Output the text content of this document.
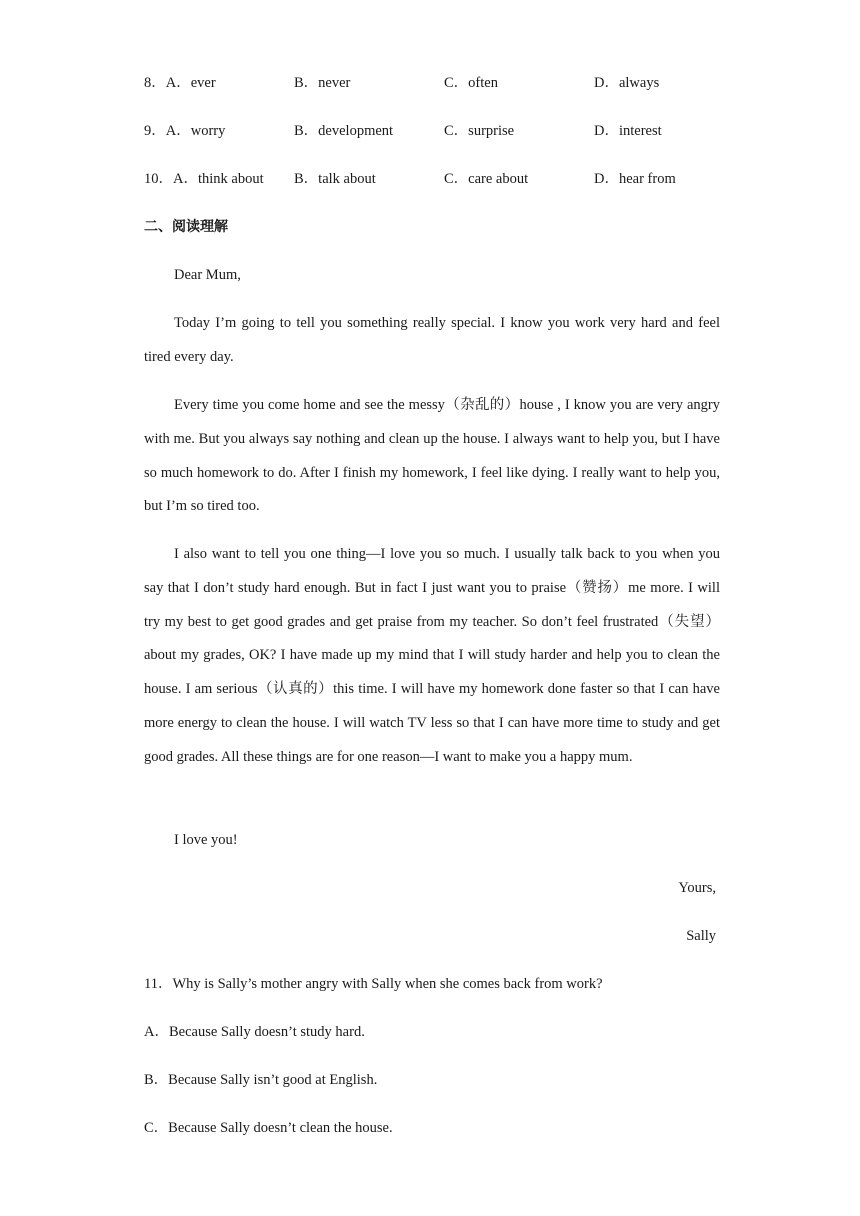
8．A．ever	B．never	C．often	D．always
9．A．worry	B．development	C．surprise	D．interest
10．A．think about B．talk about	C．care about	D．hear from
二、阅读理解
Dear Mum,
Today I’m going to tell you something really special. I know you work very hard and feel tired every day.
Every time you come home and see the messy（杂乱的）house , I know you are very angry with me. But you always say nothing and clean up the house. I always want to help you, but I have so much homework to do. After I finish my homework, I feel like dying. I really want to help you, but I’m so tired too.
I also want to tell you one thing—I love you so much. I usually talk back to you when you say that I don’t study hard enough. But in fact I just want you to praise（赞扬）me more. I will try my best to get good grades and get praise from my teacher. So don’t feel frustrated（失望）about my grades, OK? I have made up my mind that I will study harder and help you to clean the house. I am serious（认真的）this time. I will have my homework done faster so that I can have more energy to clean the house. I will watch TV less so that I can have more time to study and get good grades. All these things are for one reason—I want to make you a happy mum.
I love you!
Yours,
Sally
11．Why is Sally’s mother angry with Sally when she comes back from work?
A．Because Sally doesn’t study hard.
B．Because Sally isn’t good at English.
C．Because Sally doesn’t clean the house.
